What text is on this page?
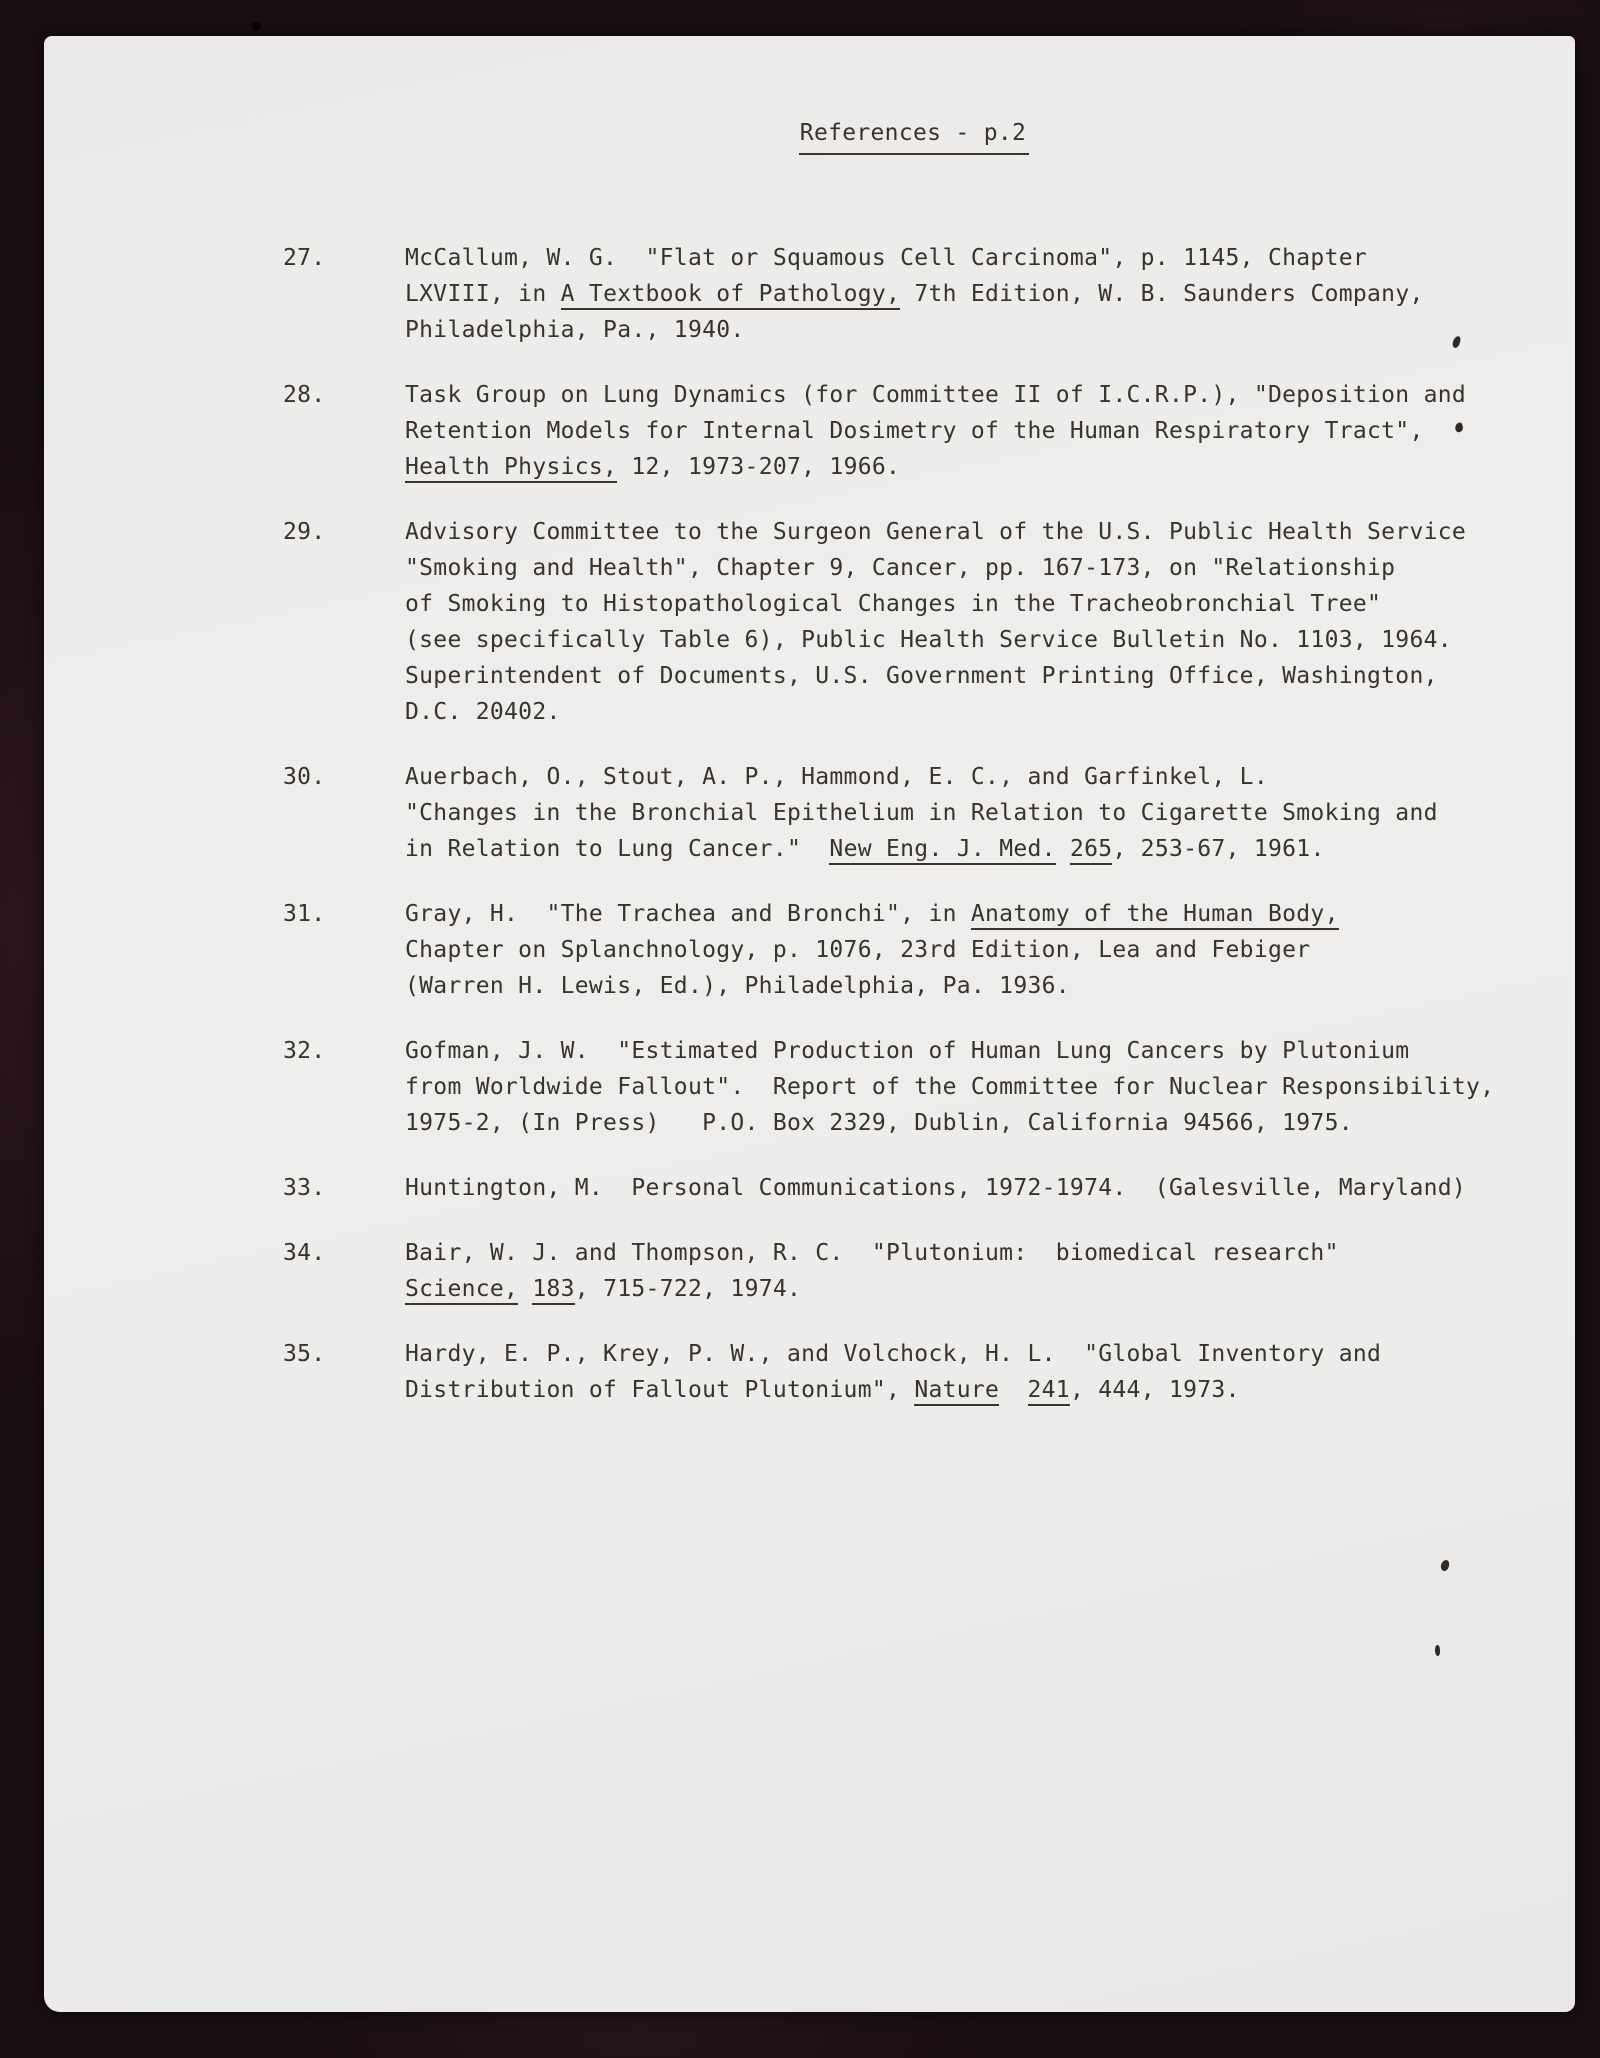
References - p.2

27.	McCallum, W. G.  "Flat or Squamous Cell Carcinoma", p. 1145, Chapter
LXVIII, in A Textbook of Pathology, 7th Edition, W. B. Saunders Company,
Philadelphia, Pa., 1940.
28.	Task Group on Lung Dynamics (for Committee II of I.C.R.P.), "Deposition and
Retention Models for Internal Dosimetry of the Human Respiratory Tract",
Health Physics, 12, 1973-207, 1966.
29.	Advisory Committee to the Surgeon General of the U.S. Public Health Service
"Smoking and Health", Chapter 9, Cancer, pp. 167-173, on "Relationship
of Smoking to Histopathological Changes in the Tracheobronchial Tree"
(see specifically Table 6), Public Health Service Bulletin No. 1103, 1964.
Superintendent of Documents, U.S. Government Printing Office, Washington,
D.C. 20402.
30.	Auerbach, O., Stout, A. P., Hammond, E. C., and Garfinkel, L.
"Changes in the Bronchial Epithelium in Relation to Cigarette Smoking and
in Relation to Lung Cancer."  New Eng. J. Med. 265, 253-67, 1961.
31.	Gray, H.  "The Trachea and Bronchi", in Anatomy of the Human Body,
Chapter on Splanchnology, p. 1076, 23rd Edition, Lea and Febiger
(Warren H. Lewis, Ed.), Philadelphia, Pa. 1936.
32.	Gofman, J. W.  "Estimated Production of Human Lung Cancers by Plutonium
from Worldwide Fallout".  Report of the Committee for Nuclear Responsibility,
1975-2, (In Press)   P.O. Box 2329, Dublin, California 94566, 1975.
33.	Huntington, M.  Personal Communications, 1972-1974.  (Galesville, Maryland)
34.	Bair, W. J. and Thompson, R. C.  "Plutonium:  biomedical research"
Science, 183, 715-722, 1974.
35.	Hardy, E. P., Krey, P. W., and Volchock, H. L.  "Global Inventory and
Distribution of Fallout Plutonium", Nature 241, 444, 1973.
